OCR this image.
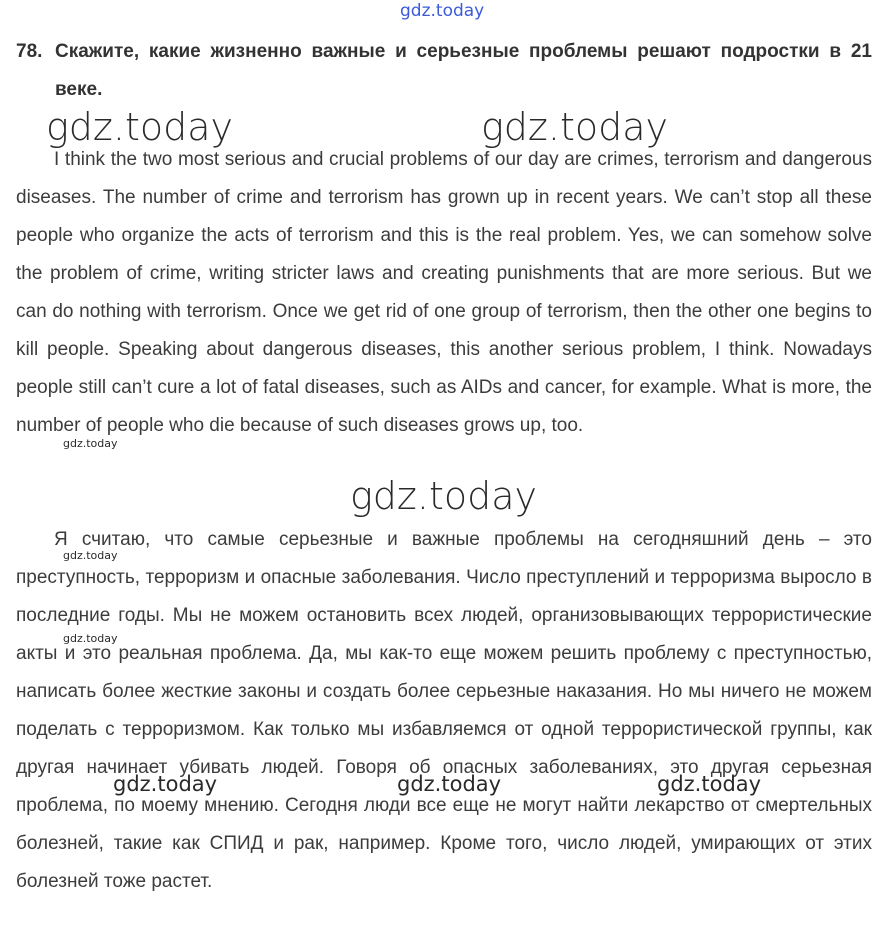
gdz.today
78. Скажите, какие жизненно важные и серьезные проблемы решают подростки в 21 веке.
I think the two most serious and crucial problems of our day are crimes, terrorism and dangerous diseases. The number of crime and terrorism has grown up in recent years. We can’t stop all these people who organize the acts of terrorism and this is the real problem. Yes, we can somehow solve the problem of crime, writing stricter laws and creating punishments that are more serious. But we can do nothing with terrorism. Once we get rid of one group of terrorism, then the other one begins to kill people. Speaking about dangerous diseases, this another serious problem, I think. Nowadays people still can’t cure a lot of fatal diseases, such as AIDs and cancer, for example. What is more, the number of people who die because of such diseases grows up, too.
Я считаю, что самые серьезные и важные проблемы на сегодняшний день – это преступность, терроризм и опасные заболевания. Число преступлений и терроризма выросло в последние годы. Мы не можем остановить всех людей, организовывающих террористические акты и это реальная проблема. Да, мы как-то еще можем решить проблему с преступностью, написать более жесткие законы и создать более серьезные наказания. Но мы ничего не можем поделать с терроризмом. Как только мы избавляемся от одной террористической группы, как другая начинает убивать людей. Говоря об опасных заболеваниях, это другая серьезная проблема, по моему мнению. Сегодня люди все еще не могут найти лекарство от смертельных болезней, такие как СПИД и рак, например. Кроме того, число людей, умирающих от этих болезней тоже растет.
gdz.today	gdz.today
gdz.today
gdz.today	gdz.today	gdz.today
gdz.today
gdz.today
gdz.today
